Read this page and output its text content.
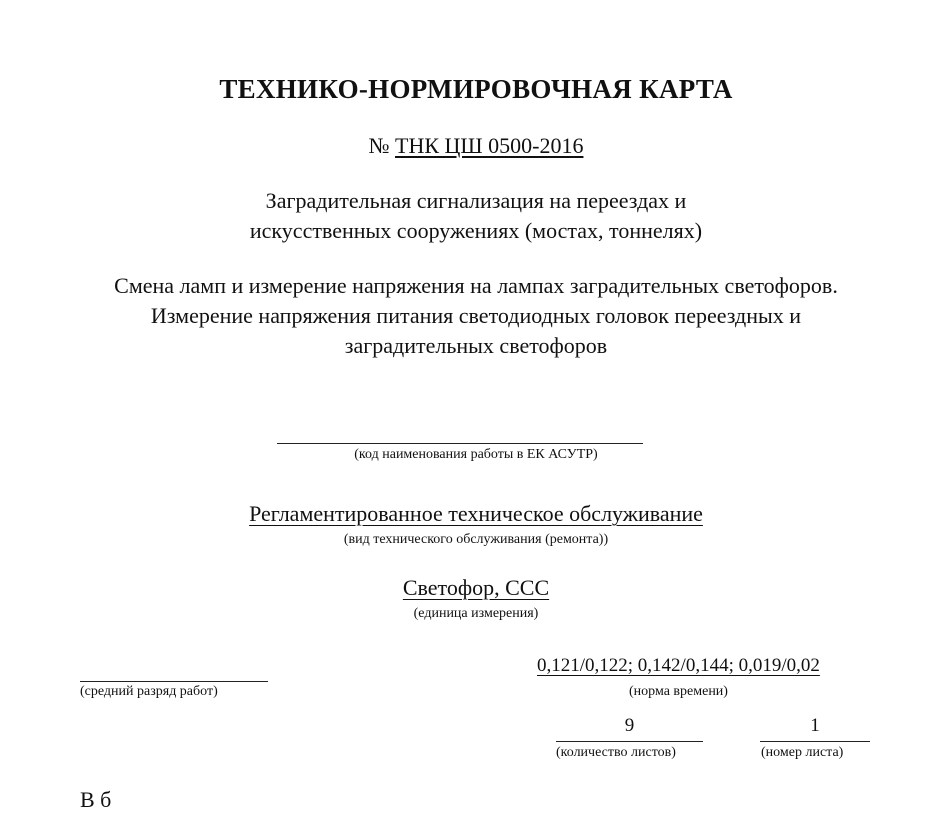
ТЕХНИКО-НОРМИРОВОЧНАЯ КАРТА
№ ТНК ЦШ 0500-2016
Заградительная сигнализация на переездах и
искусственных сооружениях (мостах, тоннелях)
Смена ламп и измерение напряжения на лампах заградительных светофоров.
Измерение напряжения питания светодиодных головок переездных и
заградительных светофоров
(код наименования работы в ЕК АСУТР)
Регламентированное техническое обслуживание
(вид технического обслуживания (ремонта))
Светофор, ССС
(единица измерения)
(средний разряд работ)
0,121/0,122; 0,142/0,144; 0,019/0,02
(норма времени)
9	1
(количество листов)	(номер листа)
В б
